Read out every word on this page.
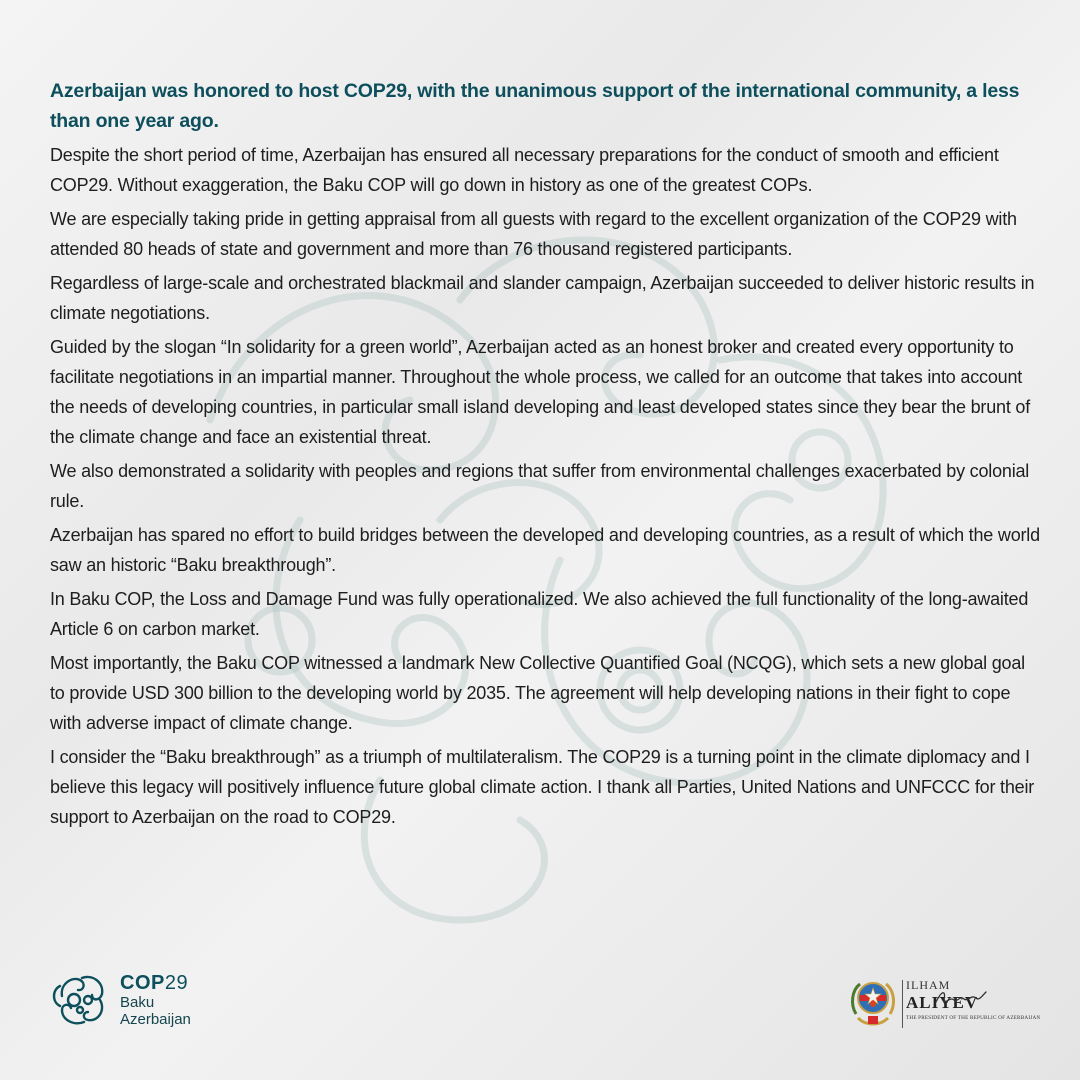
Azerbaijan was honored to host COP29, with the unanimous support of the international community, a less than one year ago.

Despite the short period of time, Azerbaijan has ensured all necessary preparations for the conduct of smooth and efficient COP29. Without exaggeration, the Baku COP will go down in history as one of the greatest COPs.

We are especially taking pride in getting appraisal from all guests with regard to the excellent organization of the COP29 with attended 80 heads of state and government and more than 76 thousand registered participants.

Regardless of large-scale and orchestrated blackmail and slander campaign, Azerbaijan succeeded to deliver historic results in climate negotiations.

Guided by the slogan “In solidarity for a green world”, Azerbaijan acted as an honest broker and created every opportunity to facilitate negotiations in an impartial manner. Throughout the whole process, we called for an outcome that takes into account the needs of developing countries, in particular small island developing and least developed states since they bear the brunt of the climate change and face an existential threat.

We also demonstrated a solidarity with peoples and regions that suffer from environmental challenges exacerbated by colonial rule.

Azerbaijan has spared no effort to build bridges between the developed and developing countries, as a result of which the world saw an historic “Baku breakthrough”.

In Baku COP, the Loss and Damage Fund was fully operationalized. We also achieved the full functionality of the long-awaited Article 6 on carbon market.

Most importantly, the Baku COP witnessed a landmark New Collective Quantified Goal (NCQG), which sets a new global goal to provide USD 300 billion to the developing world by 2035. The agreement will help developing nations in their fight to cope with adverse impact of climate change.

I consider the “Baku breakthrough” as a triumph of multilateralism. The COP29 is a turning point in the climate diplomacy and I believe this legacy will positively influence future global climate action. I thank all Parties, United Nations and UNFCCC for their support to Azerbaijan on the road to COP29.

COP29
Baku
Azerbaijan
ILHAM
ALIYEV
THE PRESIDENT OF THE REPUBLIC OF AZERBAIJAN
